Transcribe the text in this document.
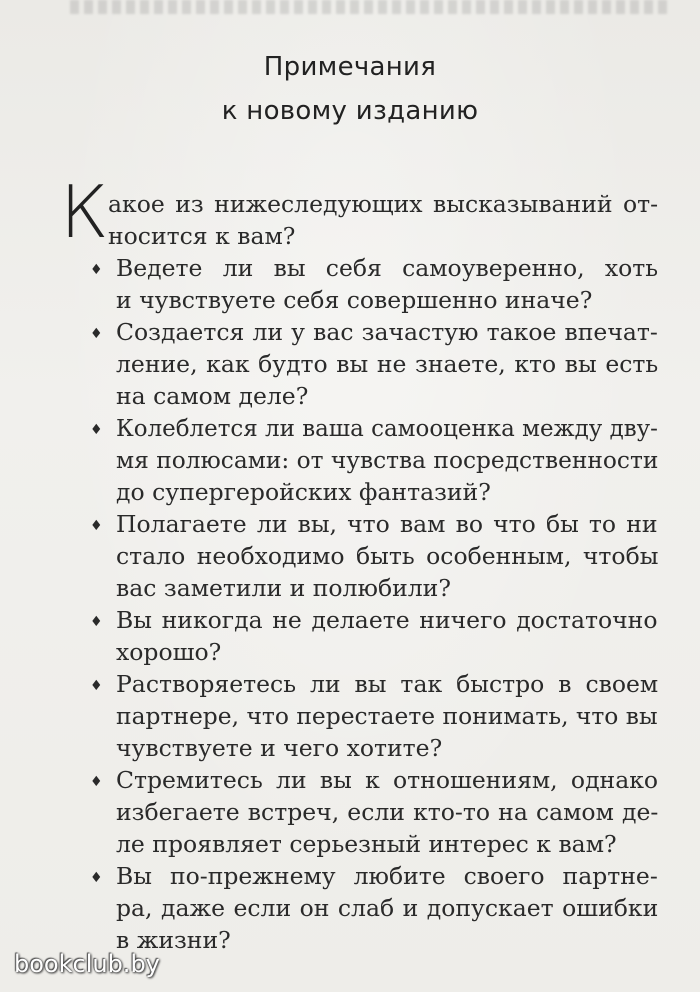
Примечания
к новому изданию
К акое из нижеследующих высказываний от-
носится к вам?
♦ Ведете ли вы себя самоуверенно, хоть
и чувствуете себя совершенно иначе?
♦ Создается ли у вас зачастую такое впечат-
ление, как будто вы не знаете, кто вы есть
на самом деле?
♦ Колеблется ли ваша самооценка между дву-
мя полюсами: от чувства посредственности
до супергеройских фантазий?
♦ Полагаете ли вы, что вам во что бы то ни
стало необходимо быть особенным, чтобы
вас заметили и полюбили?
♦ Вы никогда не делаете ничего достаточно
хорошо?
♦ Растворяетесь ли вы так быстро в своем
партнере, что перестаете понимать, что вы
чувствуете и чего хотите?
♦ Стремитесь ли вы к отношениям, однако
избегаете встреч, если кто-то на самом де-
ле проявляет серьезный интерес к вам?
♦ Вы по-прежнему любите своего партне-
ра, даже если он слаб и допускает ошибки
в жизни?
bookclub.by
